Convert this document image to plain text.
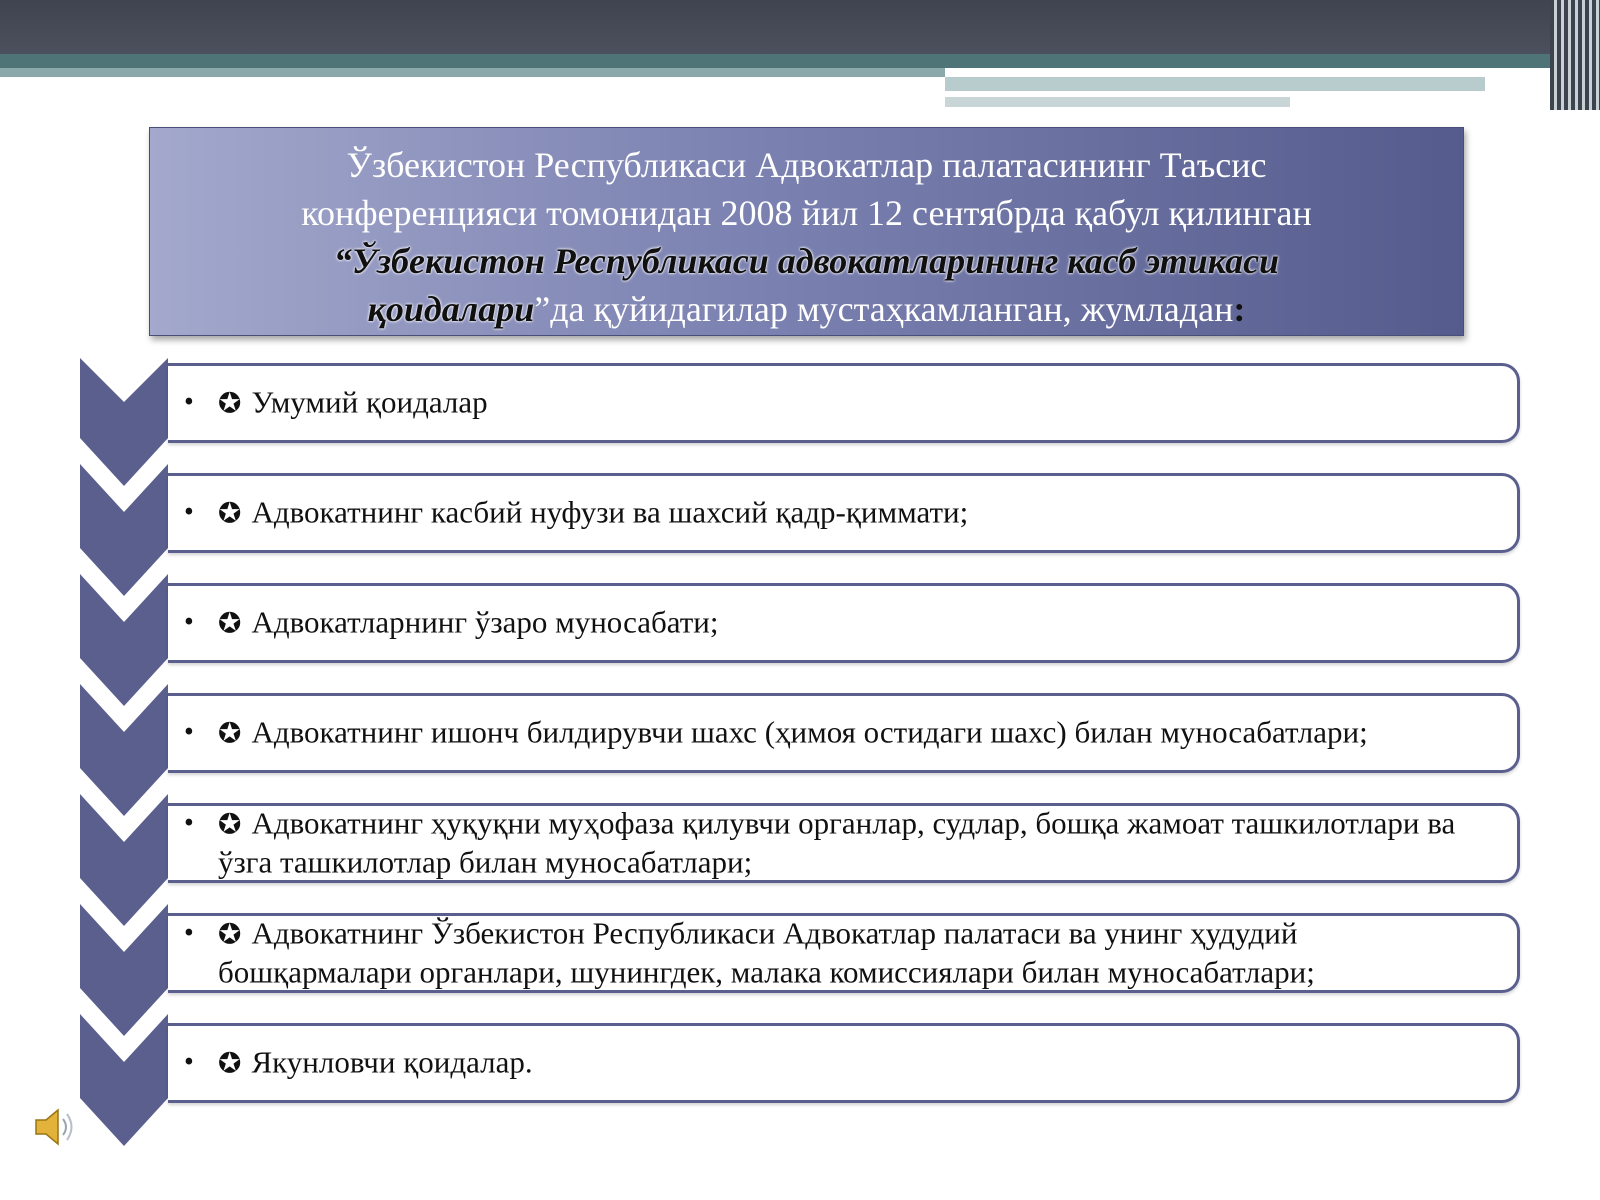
Ўзбекистон Республикаси Адвокатлар палатасининг Таъсис
конференцияси томонидан 2008 йил 12 сентябрда қабул қилинган
“Ўзбекистон Республикаси адвокатларининг касб этикаси
қоидалари”да қуйидагилар мустаҳкамланган, жумладан:
• ✪ Умумий қоидалар
• ✪ Адвокатнинг касбий нуфузи ва шахсий қадр-қиммати;
• ✪ Адвокатларнинг ўзаро муносабати;
• ✪ Адвокатнинг ишонч билдирувчи шахс (ҳимоя остидаги шахс) билан муносабатлари;
• ✪ Адвокатнинг ҳуқуқни муҳофаза қилувчи органлар, судлар, бошқа жамоат ташкилотлари ва ўзга ташкилотлар билан муносабатлари;
• ✪ Адвокатнинг Ўзбекистон Республикаси Адвокатлар палатаси ва унинг ҳудудий бошқармалари органлари, шунингдек, малака комиссиялари билан муносабатлари;
• ✪ Якунловчи қоидалар.
